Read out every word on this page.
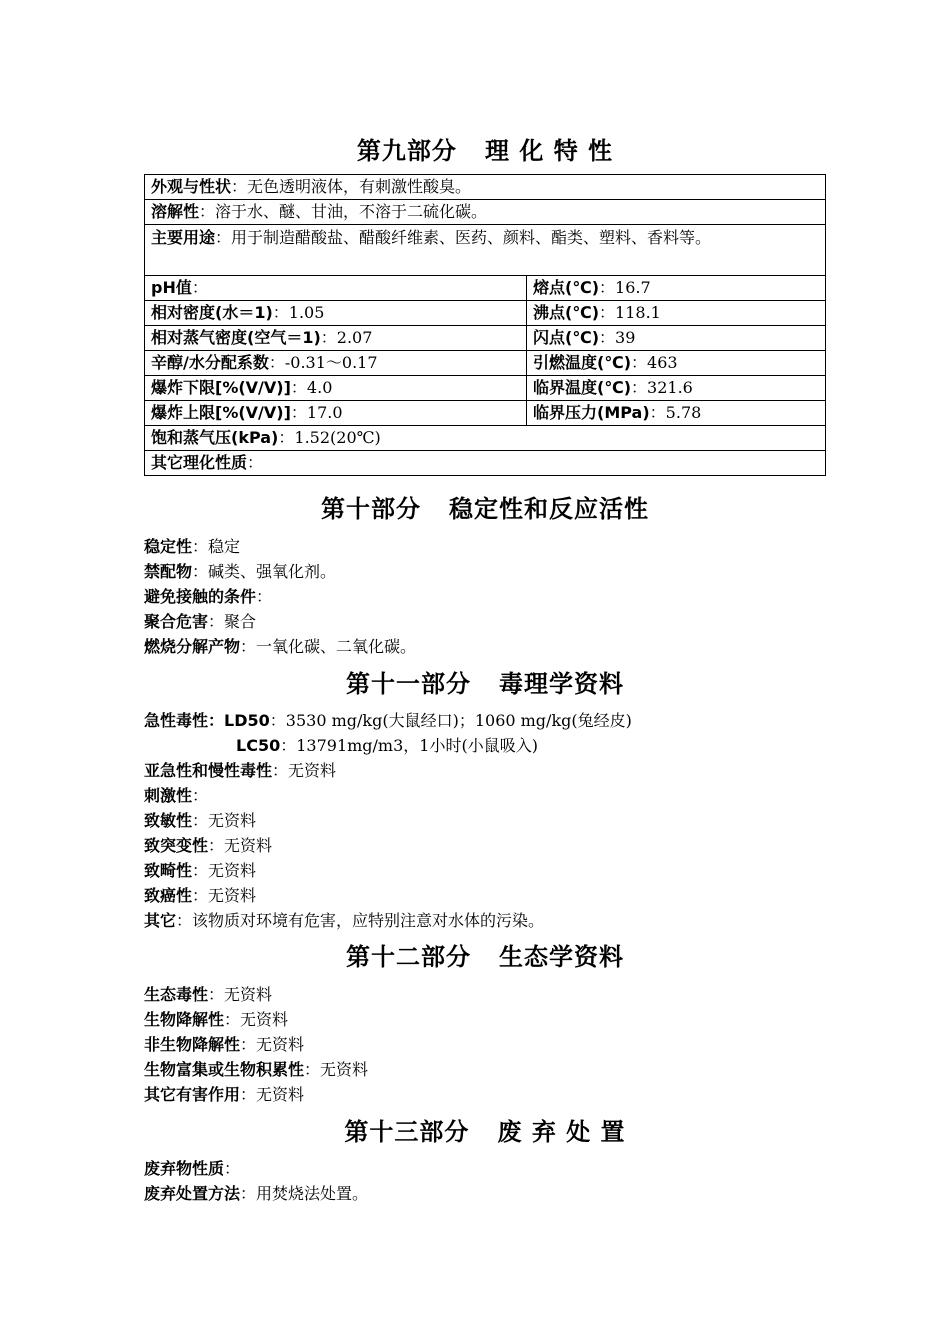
第九部分   理 化 特 性
外观与性状：无色透明液体，有刺激性酸臭。	
溶解性：溶于水、醚、甘油，不溶于二硫化碳。	
主要用途：用于制造醋酸盐、醋酸纤维素、医药、颜料、酯类、塑料、香料等。	
pH值：	熔点(℃)：16.7
相对密度(水＝1)：1.05	沸点(℃)：118.1
相对蒸气密度(空气＝1)：2.07	闪点(℃)：39
辛醇/水分配系数：-0.31～0.17	引燃温度(℃)：463
爆炸下限[%(V/V)]：4.0	临界温度(℃)：321.6
爆炸上限[%(V/V)]：17.0	临界压力(MPa)：5.78
饱和蒸气压(kPa)：1.52(20℃)	
其它理化性质：	
第十部分   稳定性和反应活性
稳定性：稳定
禁配物：碱类、强氧化剂。
避免接触的条件：
聚合危害：聚合
燃烧分解产物：一氧化碳、二氧化碳。
第十一部分   毒理学资料
急性毒性：LD50：3530 mg/kg(大鼠经口)；1060 mg/kg(兔经皮)
LC50：13791mg/m3，1小时(小鼠吸入)
亚急性和慢性毒性：无资料
刺激性：
致敏性：无资料
致突变性：无资料
致畸性：无资料
致癌性：无资料
其它：该物质对环境有危害，应特别注意对水体的污染。
第十二部分   生态学资料
生态毒性：无资料
生物降解性：无资料
非生物降解性：无资料
生物富集或生物积累性：无资料
其它有害作用：无资料
第十三部分   废 弃 处 置
废弃物性质：
废弃处置方法：用焚烧法处置。
